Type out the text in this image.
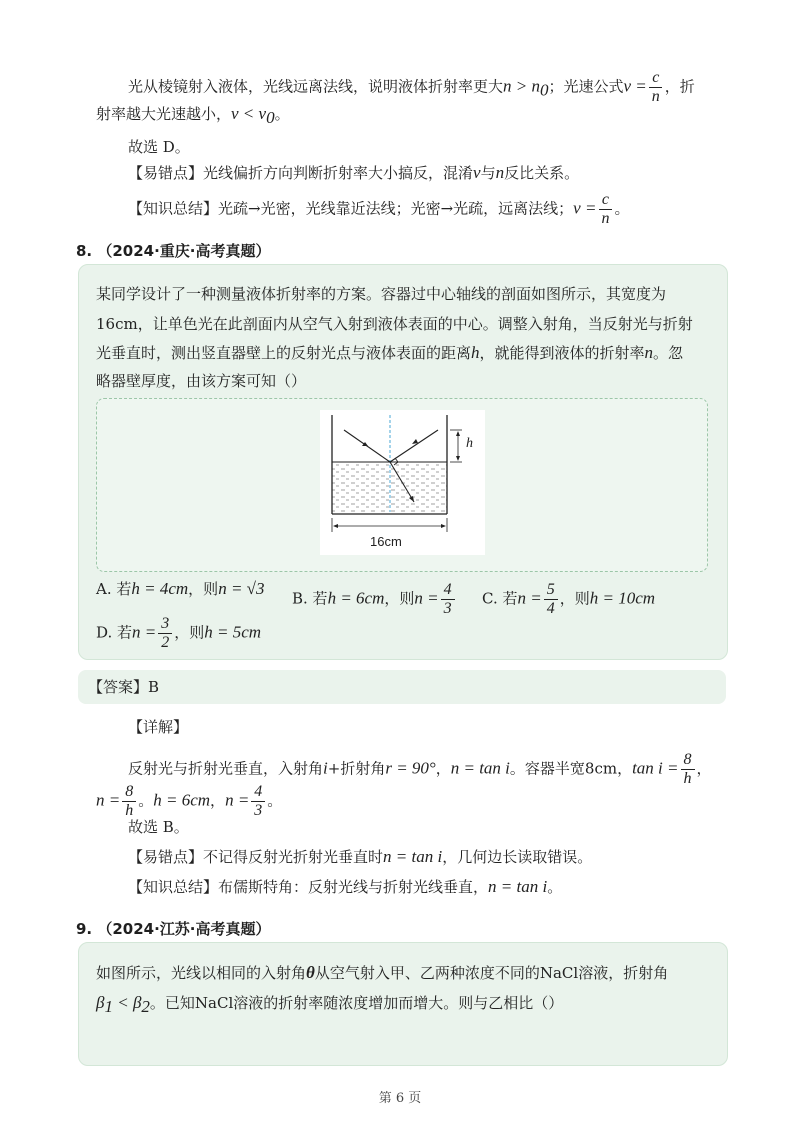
光从棱镜射入液体，光线远离法线，说明液体折射率更大$n > n_0$；光速公式$v = \frac{c}{n}$ ，折
射率越大光速越小，$v < v_0$。
故选 D。
【易错点】光线偏折方向判断折射率大小搞反，混淆v与n反比关系。
【知识总结】光疏→光密，光线靠近法线；光密→光疏，远离法线；$v = \frac{c}{n}$ 。
8. （2024·重庆·高考真题）
某同学设计了一种测量液体折射率的方案。容器过中心轴线的剖面如图所示，其宽度为
16cm，让单色光在此剖面内从空气入射到液体表面的中心。调整入射角，当反射光与折射
光垂直时，测出竖直器壁上的反射光点与液体表面的距离h，就能得到液体的折射率n。忽
略器壁厚度，由该方案可知（）
h
16cm
A. 若h = 4cm，则n = √3
B. 若h = 6cm，则$n = \frac{4}{3} C$. 若$n = \frac{5}{4}$ ，则h = 10cm
D. 若$n = \frac{3}{2}$ ，则h = 5cm
【答案】B
【详解】
反射光与折射光垂直，入射角i+折射角r = 90°，n = tan i。容器半宽8cm，$\tan i = \frac{8}{h}$ ，
$n = \frac{8}{h}$ 。h = 6cm，$n = \frac{4}{3}$ 。
故选 B。
【易错点】不记得反射光折射光垂直时n = tan i，几何边长读取错误。
【知识总结】布儒斯特角：反射光线与折射光线垂直，n = tan i。
9. （2024·江苏·高考真题）
如图所示，光线以相同的入射角θ从空气射入甲、乙两种浓度不同的NaCl溶液，折射角
$\beta_1 < \beta_2$。已知NaCl溶液的折射率随浓度增加而增大。则与乙相比（）
第 6 页
